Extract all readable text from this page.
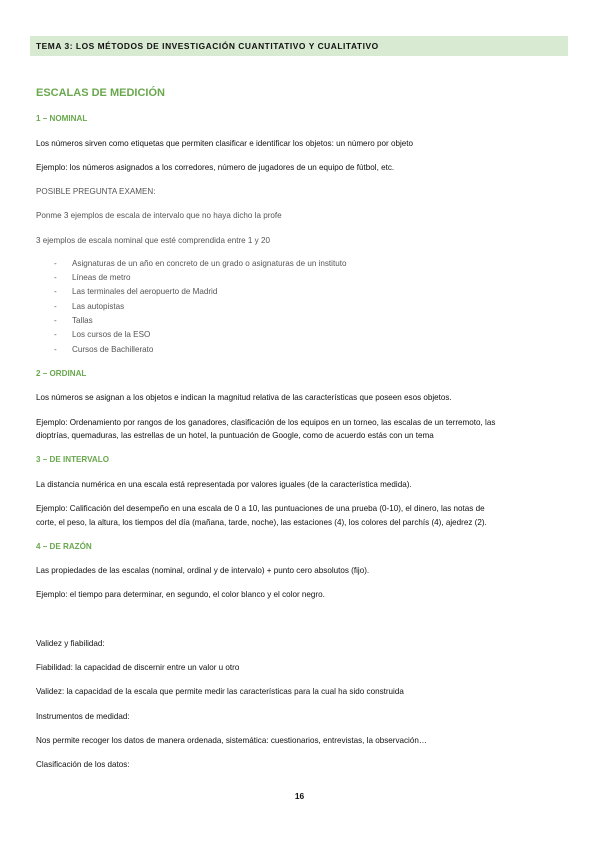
TEMA 3: LOS MÉTODOS DE INVESTIGACIÓN CUANTITATIVO Y CUALITATIVO
ESCALAS DE MEDICIÓN
1 – NOMINAL
Los números sirven como etiquetas que permiten clasificar e identificar los objetos: un número por objeto
Ejemplo: los números asignados a los corredores, número de jugadores de un equipo de fútbol, etc.
POSIBLE PREGUNTA EXAMEN:
Ponme 3 ejemplos de escala de intervalo que no haya dicho la profe
3 ejemplos de escala nominal que esté comprendida entre 1 y 20
- Asignaturas de un año en concreto de un grado o asignaturas de un instituto
- Líneas de metro
- Las terminales del aeropuerto de Madrid
- Las autopistas
- Tallas
- Los cursos de la ESO
- Cursos de Bachillerato
2 – ORDINAL
Los números se asignan a los objetos e indican la magnitud relativa de las características que poseen esos objetos.
Ejemplo: Ordenamiento por rangos de los ganadores, clasificación de los equipos en un torneo, las escalas de un terremoto, las
dioptrías, quemaduras, las estrellas de un hotel, la puntuación de Google, como de acuerdo estás con un tema
3 – DE INTERVALO
La distancia numérica en una escala está representada por valores iguales (de la característica medida).
Ejemplo: Calificación del desempeño en una escala de 0 a 10, las puntuaciones de una prueba (0-10), el dinero, las notas de
corte, el peso, la altura, los tiempos del día (mañana, tarde, noche), las estaciones (4), los colores del parchís (4), ajedrez (2).
4 – DE RAZÓN
Las propiedades de las escalas (nominal, ordinal y de intervalo) + punto cero absolutos (fijo).
Ejemplo: el tiempo para determinar, en segundo, el color blanco y el color negro.
Validez y fiabilidad:
Fiabilidad: la capacidad de discernir entre un valor u otro
Validez: la capacidad de la escala que permite medir las características para la cual ha sido construida
Instrumentos de medidad:
Nos permite recoger los datos de manera ordenada, sistemática: cuestionarios, entrevistas, la observación…
Clasificación de los datos:
16
